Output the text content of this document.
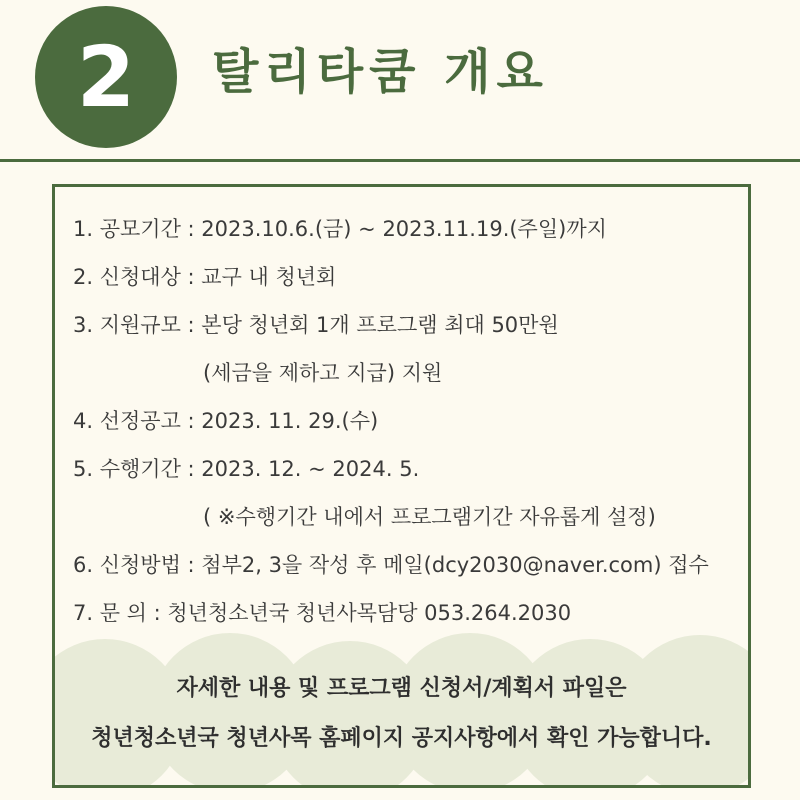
2 탈리타쿰 개요
1. 공모기간 : 2023.10.6.(금) ~ 2023.11.19.(주일)까지
2. 신청대상 : 교구 내 청년회
3. 지원규모 : 본당 청년회 1개 프로그램 최대 50만원
(세금을 제하고 지급) 지원
4. 선정공고 : 2023. 11. 29.(수)
5. 수행기간 : 2023. 12. ~ 2024. 5.
( ※수행기간 내에서 프로그램기간 자유롭게 설정)
6. 신청방법 : 첨부2, 3을 작성 후 메일(dcy2030@naver.com) 접수
7. 문 의 : 청년청소년국 청년사목담당 053.264.2030
자세한 내용 및 프로그램 신청서/계획서 파일은
청년청소년국 청년사목 홈페이지 공지사항에서 확인 가능합니다.
